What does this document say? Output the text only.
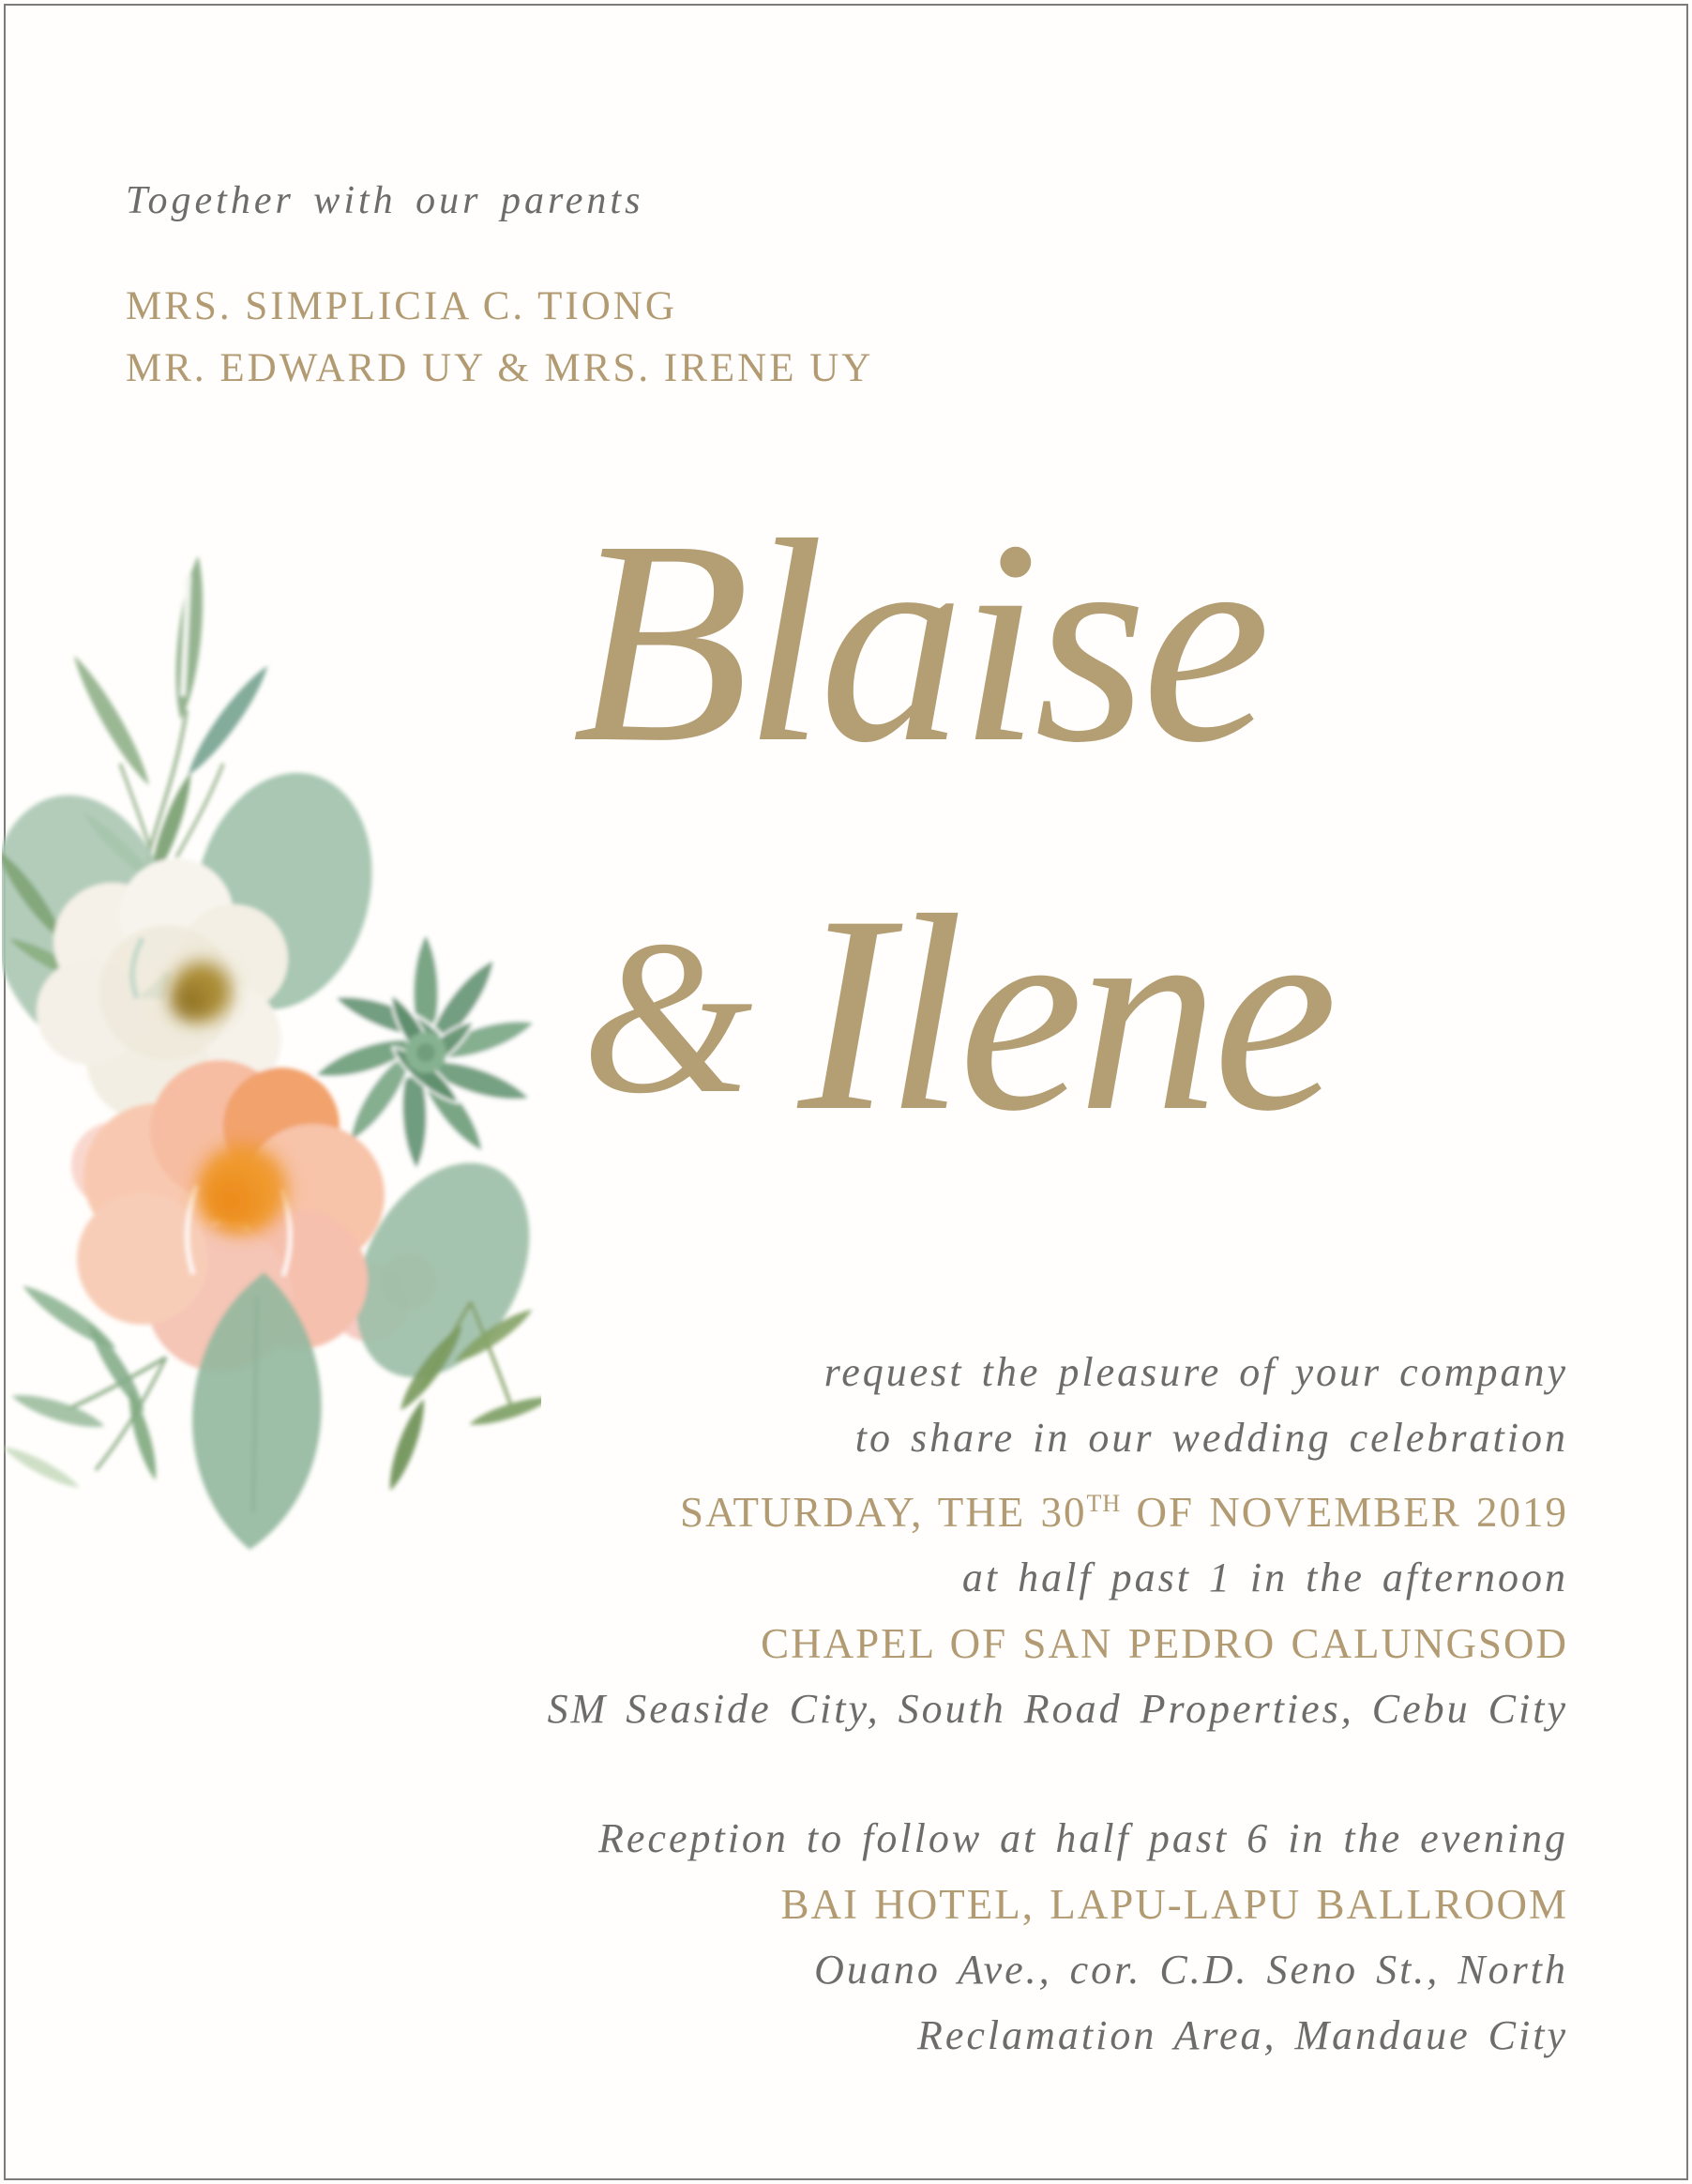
Together with our parents
MRS. SIMPLICIA C. TIONG
MR. EDWARD UY & MRS. IRENE UY
Blaise
& Ilene
request the pleasure of your company
to share in our wedding celebration
SATURDAY, THE 30TH OF NOVEMBER 2019
at half past 1 in the afternoon
CHAPEL OF SAN PEDRO CALUNGSOD
SM Seaside City, South Road Properties, Cebu City
Reception to follow at half past 6 in the evening
BAI HOTEL, LAPU-LAPU BALLROOM
Ouano Ave., cor. C.D. Seno St., North
Reclamation Area, Mandaue City
